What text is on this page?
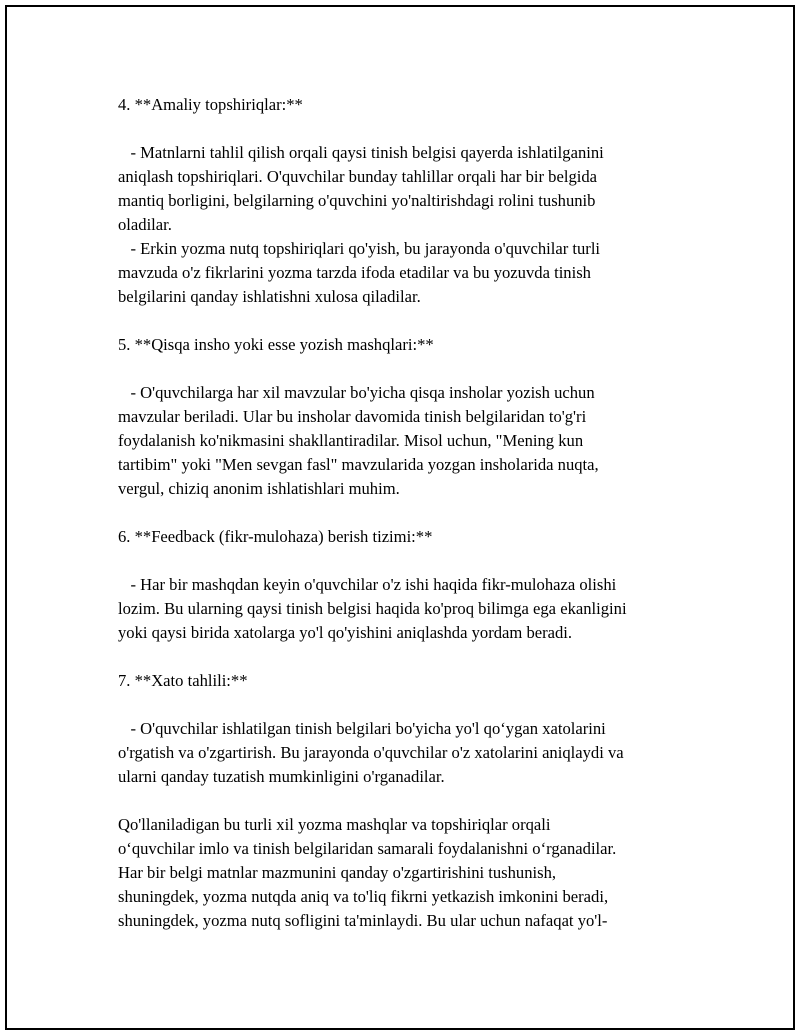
4. **Amaliy topshiriqlar:**

- Matnlarni tahlil qilish orqali qaysi tinish belgisi qayerda ishlatilganini

aniqlash topshiriqlari. O'quvchilar bunday tahlillar orqali har bir belgida

mantiq borligini, belgilarning o'quvchini yo'naltirishdagi rolini tushunib

oladilar.

- Erkin yozma nutq topshiriqlari qo'yish, bu jarayonda o'quvchilar turli

mavzuda o'z fikrlarini yozma tarzda ifoda etadilar va bu yozuvda tinish

belgilarini qanday ishlatishni xulosa qiladilar.

5. **Qisqa insho yoki esse yozish mashqlari:**

- O'quvchilarga har xil mavzular bo'yicha qisqa insholar yozish uchun

mavzular beriladi. Ular bu insholar davomida tinish belgilaridan to'g'ri

foydalanish ko'nikmasini shakllantiradilar. Misol uchun, "Mening kun

tartibim" yoki "Men sevgan fasl" mavzularida yozgan insholarida nuqta,

vergul, chiziq anonim ishlatishlari muhim.

6. **Feedback (fikr-mulohaza) berish tizimi:**

- Har bir mashqdan keyin o'quvchilar o'z ishi haqida fikr-mulohaza olishi

lozim. Bu ularning qaysi tinish belgisi haqida ko'proq bilimga ega ekanligini

yoki qaysi birida xatolarga yo'l qo'yishini aniqlashda yordam beradi.

7. **Xato tahlili:**

- O'quvchilar ishlatilgan tinish belgilari bo'yicha yo'l qo‘ygan xatolarini

o'rgatish va o'zgartirish. Bu jarayonda o'quvchilar o'z xatolarini aniqlaydi va

ularni qanday tuzatish mumkinligini o'rganadilar.

Qo'llaniladigan bu turli xil yozma mashqlar va topshiriqlar orqali

o‘quvchilar imlo va tinish belgilaridan samarali foydalanishni o‘rganadilar.

Har bir belgi matnlar mazmunini qanday o'zgartirishini tushunish,

shuningdek, yozma nutqda aniq va to'liq fikrni yetkazish imkonini beradi,

shuningdek, yozma nutq sofligini ta'minlaydi. Bu ular uchun nafaqat yo'l-
